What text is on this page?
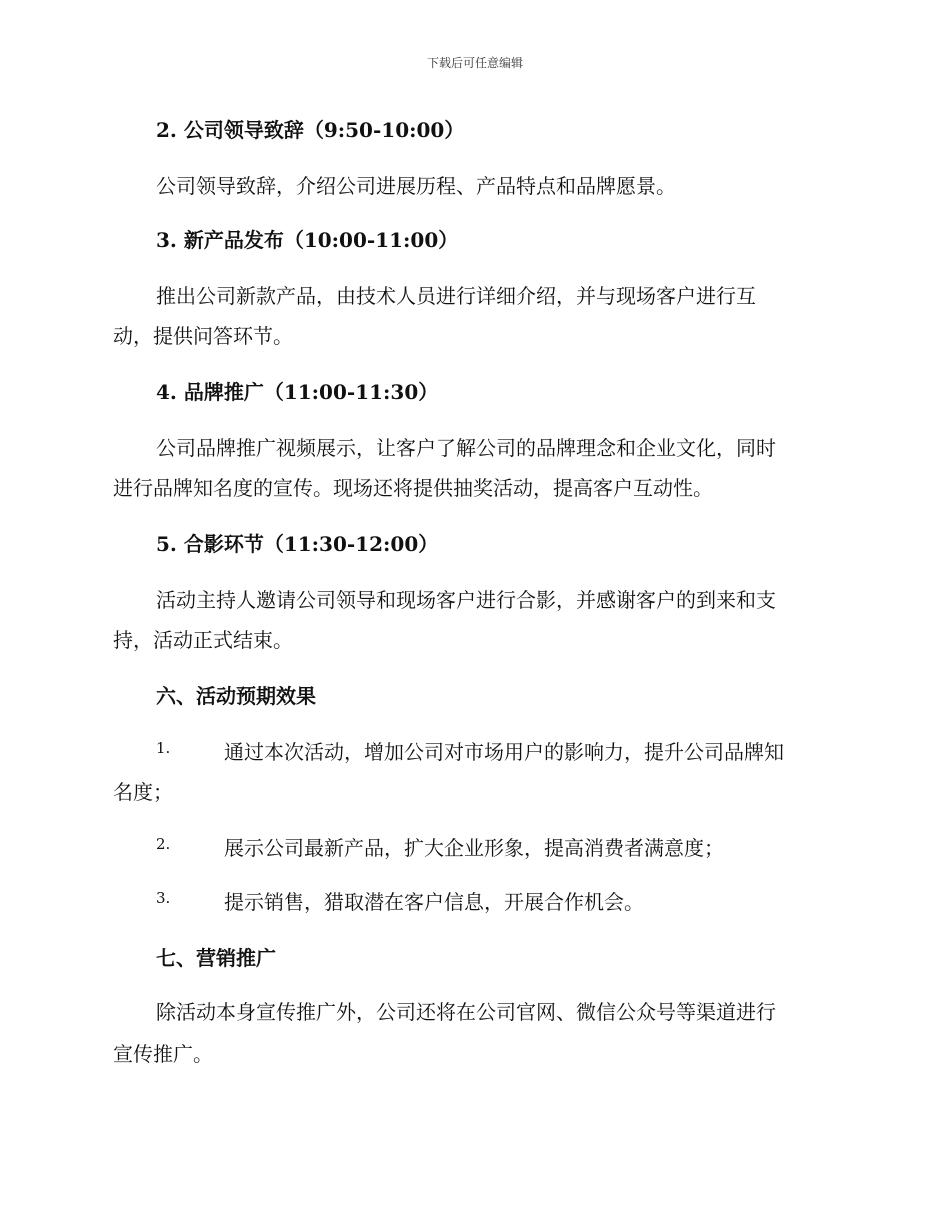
下载后可任意编辑
2. 公司领导致辞（9:50-10:00）
公司领导致辞，介绍公司进展历程、产品特点和品牌愿景。
3. 新产品发布（10:00-11:00）
推出公司新款产品，由技术人员进行详细介绍，并与现场客户进行互
动，提供问答环节。
4. 品牌推广（11:00-11:30）
公司品牌推广视频展示，让客户了解公司的品牌理念和企业文化，同时
进行品牌知名度的宣传。现场还将提供抽奖活动，提高客户互动性。
5. 合影环节（11:30-12:00）
活动主持人邀请公司领导和现场客户进行合影，并感谢客户的到来和支
持，活动正式结束。
六、活动预期效果
1.	通过本次活动，增加公司对市场用户的影响力，提升公司品牌知
名度；
2.	展示公司最新产品，扩大企业形象，提高消费者满意度；
3.	提示销售，猎取潜在客户信息，开展合作机会。
七、营销推广
除活动本身宣传推广外，公司还将在公司官网、微信公众号等渠道进行
宣传推广。
